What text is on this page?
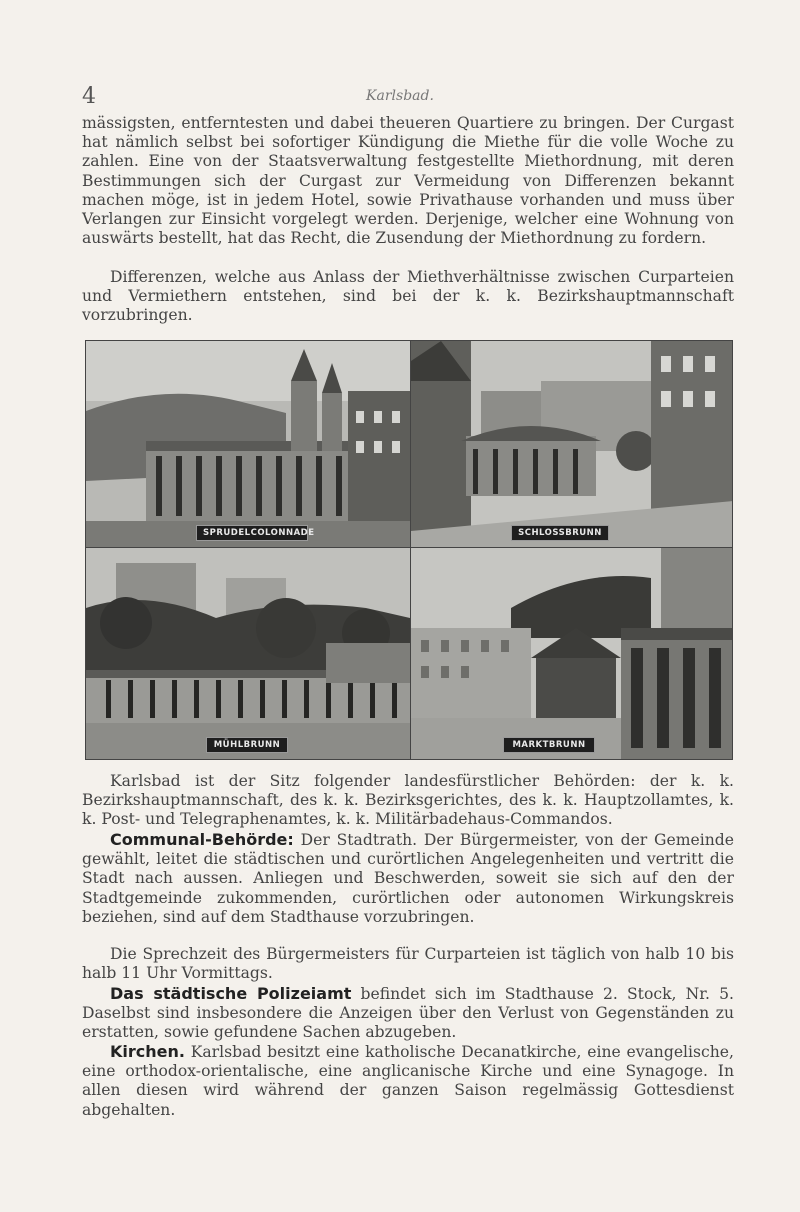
4	Karlsbad.

mässigsten, entferntesten und dabei theueren Quartiere zu bringen. Der Curgast hat nämlich selbst bei sofortiger Kündigung die Miethe für die volle Woche zu zahlen. Eine von der Staatsverwaltung festgestellte Miethordnung, mit deren Bestimmungen sich der Curgast zur Vermeidung von Differenzen bekannt machen möge, ist in jedem Hotel, sowie Privathause vorhanden und muss über Verlangen zur Einsicht vorgelegt werden. Derjenige, welcher eine Wohnung von auswärts bestellt, hat das Recht, die Zusendung der Miethordnung zu fordern.

Differenzen, welche aus Anlass der Miethverhältnisse zwischen Curparteien und Vermiethern entstehen, sind bei der k. k. Bezirkshauptmannschaft vorzubringen.

SPRUDELCOLONNADE	SCHLOSSBRUNN
MÜHLBRUNN	MARKTBRUNN

Karlsbad ist der Sitz folgender landesfürstlicher Behörden: der k. k. Bezirkshauptmannschaft, des k. k. Bezirksgerichtes, des k. k. Hauptzollamtes, k. k. Post- und Telegraphenamtes, k. k. Militärbadehaus-Commandos.

Communal-Behörde: Der Stadtrath. Der Bürgermeister, von der Gemeinde gewählt, leitet die städtischen und curörtlichen Angelegenheiten und vertritt die Stadt nach aussen. Anliegen und Beschwerden, soweit sie sich auf den der Stadtgemeinde zukommenden, curörtlichen oder autonomen Wirkungskreis beziehen, sind auf dem Stadthause vorzubringen.

Die Sprechzeit des Bürgermeisters für Curparteien ist täglich von halb 10 bis halb 11 Uhr Vormittags.

Das städtische Polizeiamt befindet sich im Stadthause 2. Stock, Nr. 5. Daselbst sind insbesondere die Anzeigen über den Verlust von Gegenständen zu erstatten, sowie gefundene Sachen abzugeben.

Kirchen. Karlsbad besitzt eine katholische Decanatkirche, eine evangelische, eine orthodox-orientalische, eine anglicanische Kirche und eine Synagoge. In allen diesen wird während der ganzen Saison regelmässig Gottesdienst abgehalten.
